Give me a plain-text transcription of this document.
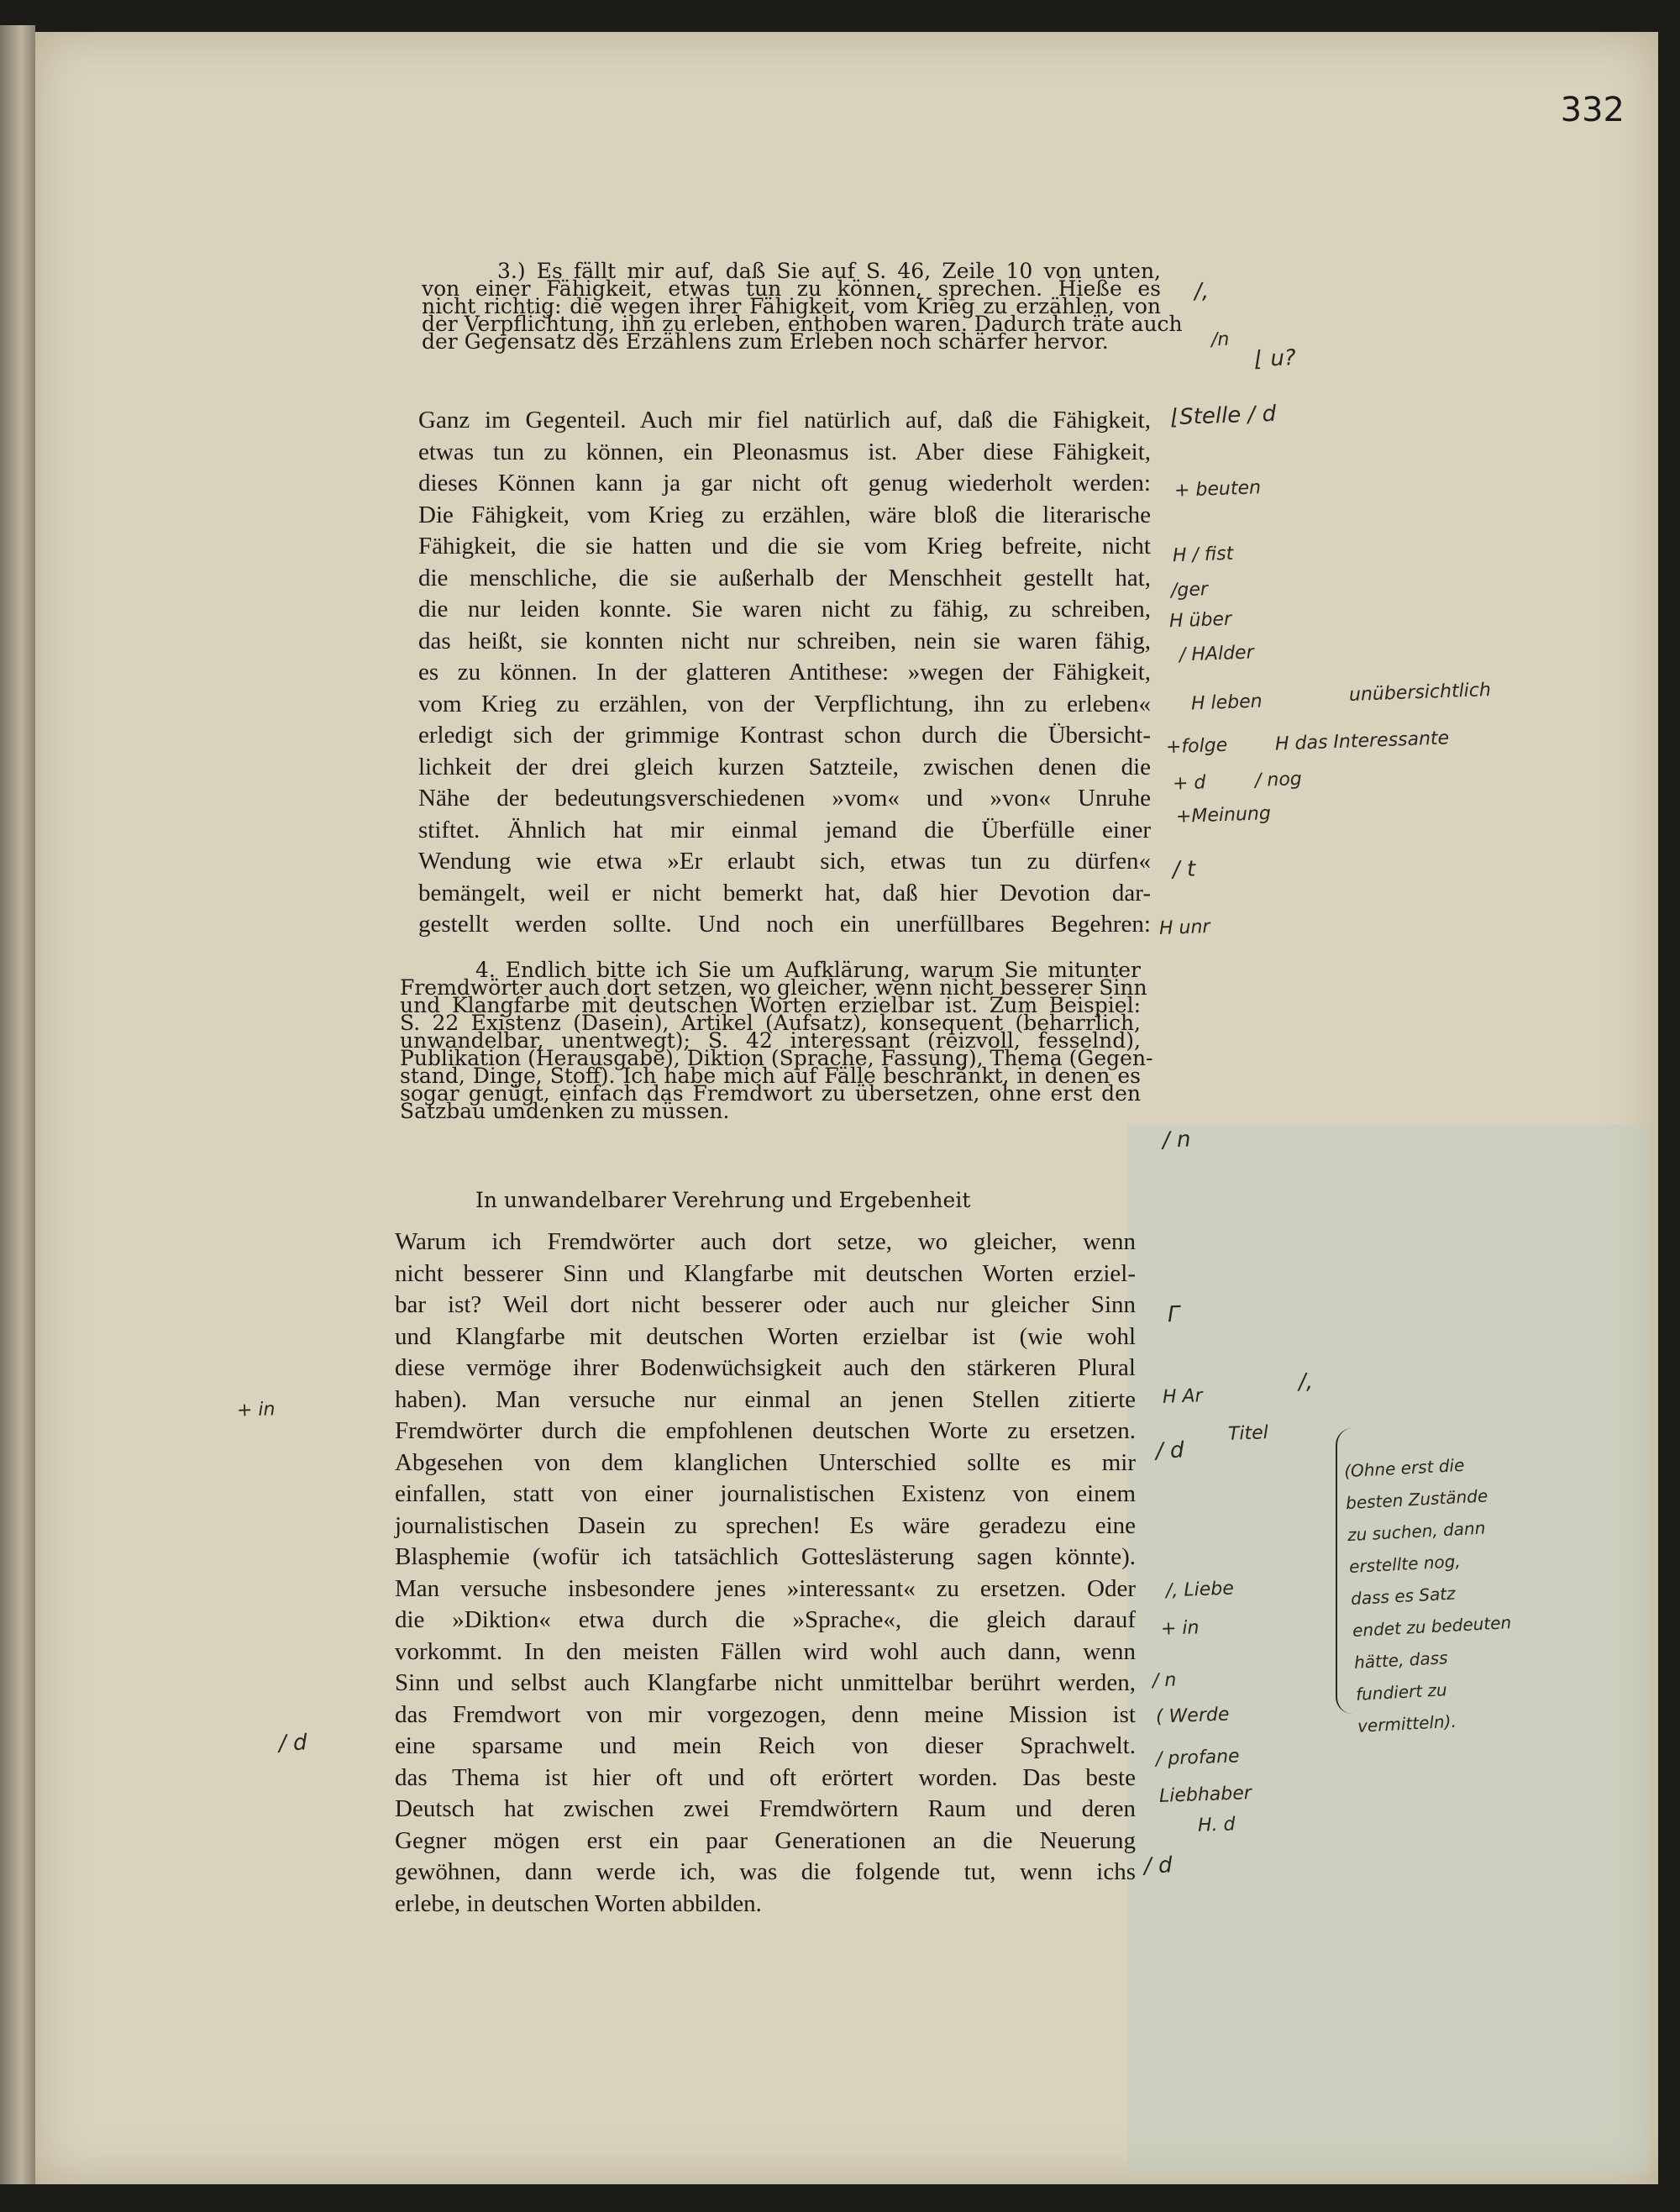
332
3.) Es fällt mir auf, daß Sie auf S. 46, Zeile 10 von unten,
von einer Fähigkeit, etwas tun zu können, sprechen. Hieße es
nicht richtig: die wegen ihrer Fähigkeit, vom Krieg zu erzählen, von
der Verpflichtung, ihn zu erleben, enthoben waren. Dadurch träte auch
der Gegensatz des Erzählens zum Erleben noch schärfer hervor.
Ganz im Gegenteil. Auch mir fiel natürlich auf, daß die Fähigkeit,
etwas tun zu können, ein Pleonasmus ist. Aber diese Fähigkeit,
dieses Können kann ja gar nicht oft genug wiederholt werden:
Die Fähigkeit, vom Krieg zu erzählen, wäre bloß die literarische
Fähigkeit, die sie hatten und die sie vom Krieg befreite, nicht
die menschliche, die sie außerhalb der Menschheit gestellt hat,
die nur leiden konnte. Sie waren nicht zu fähig, zu schreiben,
das heißt, sie konnten nicht nur schreiben, nein sie waren fähig,
es zu können. In der glatteren Antithese: »wegen der Fähigkeit,
vom Krieg zu erzählen, von der Verpflichtung, ihn zu erleben«
erledigt sich der grimmige Kontrast schon durch die Übersicht-
lichkeit der drei gleich kurzen Satzteile, zwischen denen die
Nähe der bedeutungsverschiedenen »vom« und »von« Unruhe
stiftet. Ähnlich hat mir einmal jemand die Überfülle einer
Wendung wie etwa »Er erlaubt sich, etwas tun zu dürfen«
bemängelt, weil er nicht bemerkt hat, daß hier Devotion dar-
gestellt werden sollte. Und noch ein unerfüllbares Begehren:
4. Endlich bitte ich Sie um Aufklärung, warum Sie mitunter
Fremdwörter auch dort setzen, wo gleicher, wenn nicht besserer Sinn
und Klangfarbe mit deutschen Worten erzielbar ist. Zum Beispiel:
S. 22 Existenz (Dasein), Artikel (Aufsatz), konsequent (beharrlich,
unwandelbar, unentwegt); S. 42 interessant (reizvoll, fesselnd),
Publikation (Herausgabe), Diktion (Sprache, Fassung), Thema (Gegen-
stand, Dinge, Stoff). Ich habe mich auf Fälle beschränkt, in denen es
sogar genügt, einfach das Fremdwort zu übersetzen, ohne erst den
Satzbau umdenken zu müssen.
In unwandelbarer Verehrung und Ergebenheit
Warum ich Fremdwörter auch dort setze, wo gleicher, wenn
nicht besserer Sinn und Klangfarbe mit deutschen Worten erziel-
bar ist? Weil dort nicht besserer oder auch nur gleicher Sinn
und Klangfarbe mit deutschen Worten erzielbar ist (wie wohl
diese vermöge ihrer Bodenwüchsigkeit auch den stärkeren Plural
haben). Man versuche nur einmal an jenen Stellen zitierte
Fremdwörter durch die empfohlenen deutschen Worte zu ersetzen.
Abgesehen von dem klanglichen Unterschied sollte es mir
einfallen, statt von einer journalistischen Existenz von einem
journalistischen Dasein zu sprechen! Es wäre geradezu eine
Blasphemie (wofür ich tatsächlich Gotteslästerung sagen könnte).
Man versuche insbesondere jenes »interessant« zu ersetzen. Oder
die »Diktion« etwa durch die »Sprache«, die gleich darauf
vorkommt. In den meisten Fällen wird wohl auch dann, wenn
Sinn und selbst auch Klangfarbe nicht unmittelbar berührt werden,
das Fremdwort von mir vorgezogen, denn meine Mission ist
eine sparsame und mein Reich von dieser Sprachwelt.
das Thema ist hier oft und oft erörtert worden. Das beste
Deutsch hat zwischen zwei Fremdwörtern Raum und deren
Gegner mögen erst ein paar Generationen an die Neuerung
gewöhnen, dann werde ich, was die folgende tut, wenn ichs
erlebe, in deutschen Worten abbilden.
/,
/n
⌊ u?
⌊Stelle / d
+ beuten
H / fist
/ger
H über
/ HAlder
H leben	unübersichtlich
+folge	H das Interessante
+ d	/ nog
+Meinung
/ t
H unr
/ n
Γ
H Ar
/,
+ in
/ d
Titel
/, Liebe
+ in
/ n
( Werde
/ profane
Liebhaber
H. d
/ d
/ d
(Ohne erst die
besten Zustände
zu suchen, dann
erstellte nog,
dass es Satz
endet zu bedeuten
hätte, dass
fundiert zu
vermitteln).
